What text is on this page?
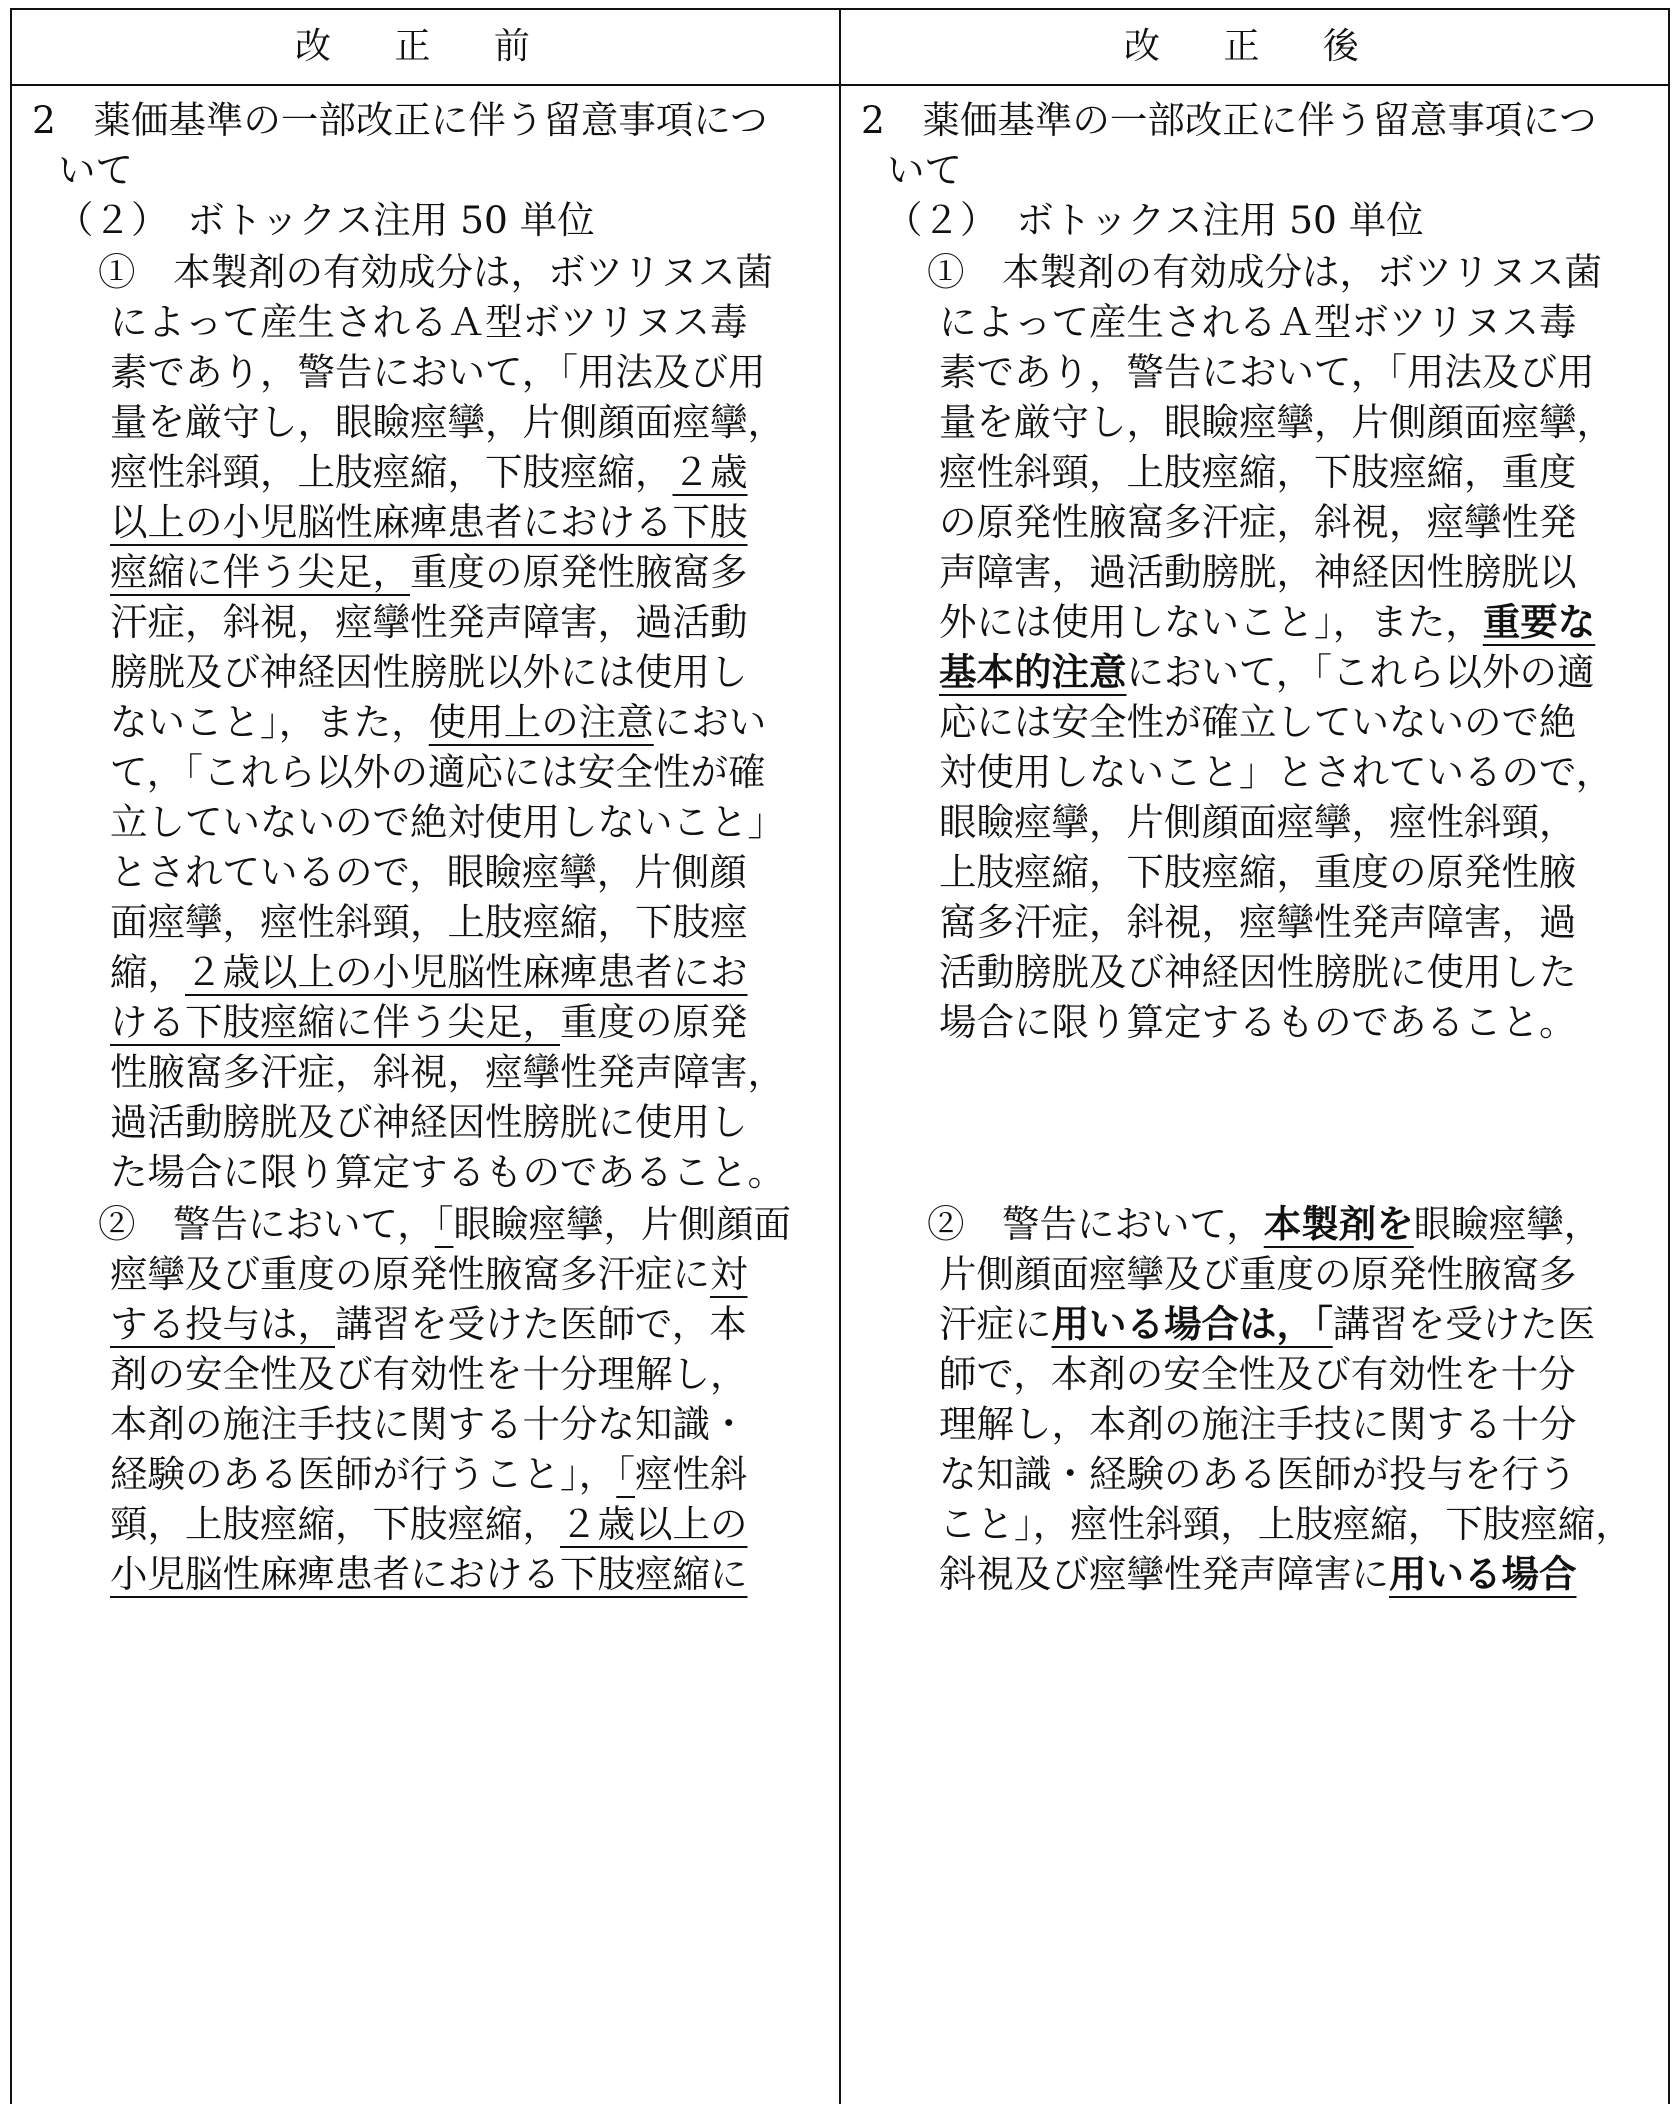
改 正 前	改 正 後
2　薬価基準の一部改正に伴う留意事項につ
いて
（２）　ボトックス注用 50 単位
①　本製剤の有効成分は，ボツリヌス菌
によって産生されるＡ型ボツリヌス毒
素であり，警告において，「用法及び用
量を厳守し，眼瞼痙攣，片側顔面痙攣，
痙性斜頸，上肢痙縮，下肢痙縮，２歳
以上の小児脳性麻痺患者における下肢
痙縮に伴う尖足，重度の原発性腋窩多
汗症，斜視，痙攣性発声障害，過活動
膀胱及び神経因性膀胱以外には使用し
ないこと」，また，使用上の注意におい
て，「これら以外の適応には安全性が確
立していないので絶対使用しないこと」
とされているので，眼瞼痙攣，片側顔
面痙攣，痙性斜頸，上肢痙縮，下肢痙
縮，２歳以上の小児脳性麻痺患者にお
ける下肢痙縮に伴う尖足，重度の原発
性腋窩多汗症，斜視，痙攣性発声障害，
過活動膀胱及び神経因性膀胱に使用し
た場合に限り算定するものであること。
②　警告において，「眼瞼痙攣，片側顔面
痙攣及び重度の原発性腋窩多汗症に対
する投与は，講習を受けた医師で，本
剤の安全性及び有効性を十分理解し，
本剤の施注手技に関する十分な知識・
経験のある医師が行うこと」，「痙性斜
頸，上肢痙縮，下肢痙縮，２歳以上の
小児脳性麻痺患者における下肢痙縮に
2　薬価基準の一部改正に伴う留意事項につ
いて
（２）　ボトックス注用 50 単位
①　本製剤の有効成分は，ボツリヌス菌
によって産生されるＡ型ボツリヌス毒
素であり，警告において，「用法及び用
量を厳守し，眼瞼痙攣，片側顔面痙攣，
痙性斜頸，上肢痙縮，下肢痙縮，重度
の原発性腋窩多汗症，斜視，痙攣性発
声障害，過活動膀胱，神経因性膀胱以
外には使用しないこと」，また，重要な
基本的注意において，「これら以外の適
応には安全性が確立していないので絶
対使用しないこと」とされているので，
眼瞼痙攣，片側顔面痙攣，痙性斜頸，
上肢痙縮，下肢痙縮，重度の原発性腋
窩多汗症，斜視，痙攣性発声障害，過
活動膀胱及び神経因性膀胱に使用した
場合に限り算定するものであること。
②　警告において，本製剤を眼瞼痙攣，
片側顔面痙攣及び重度の原発性腋窩多
汗症に用いる場合は，「講習を受けた医
師で，本剤の安全性及び有効性を十分
理解し，本剤の施注手技に関する十分
な知識・経験のある医師が投与を行う
こと」，痙性斜頸，上肢痙縮，下肢痙縮，
斜視及び痙攣性発声障害に用いる場合
